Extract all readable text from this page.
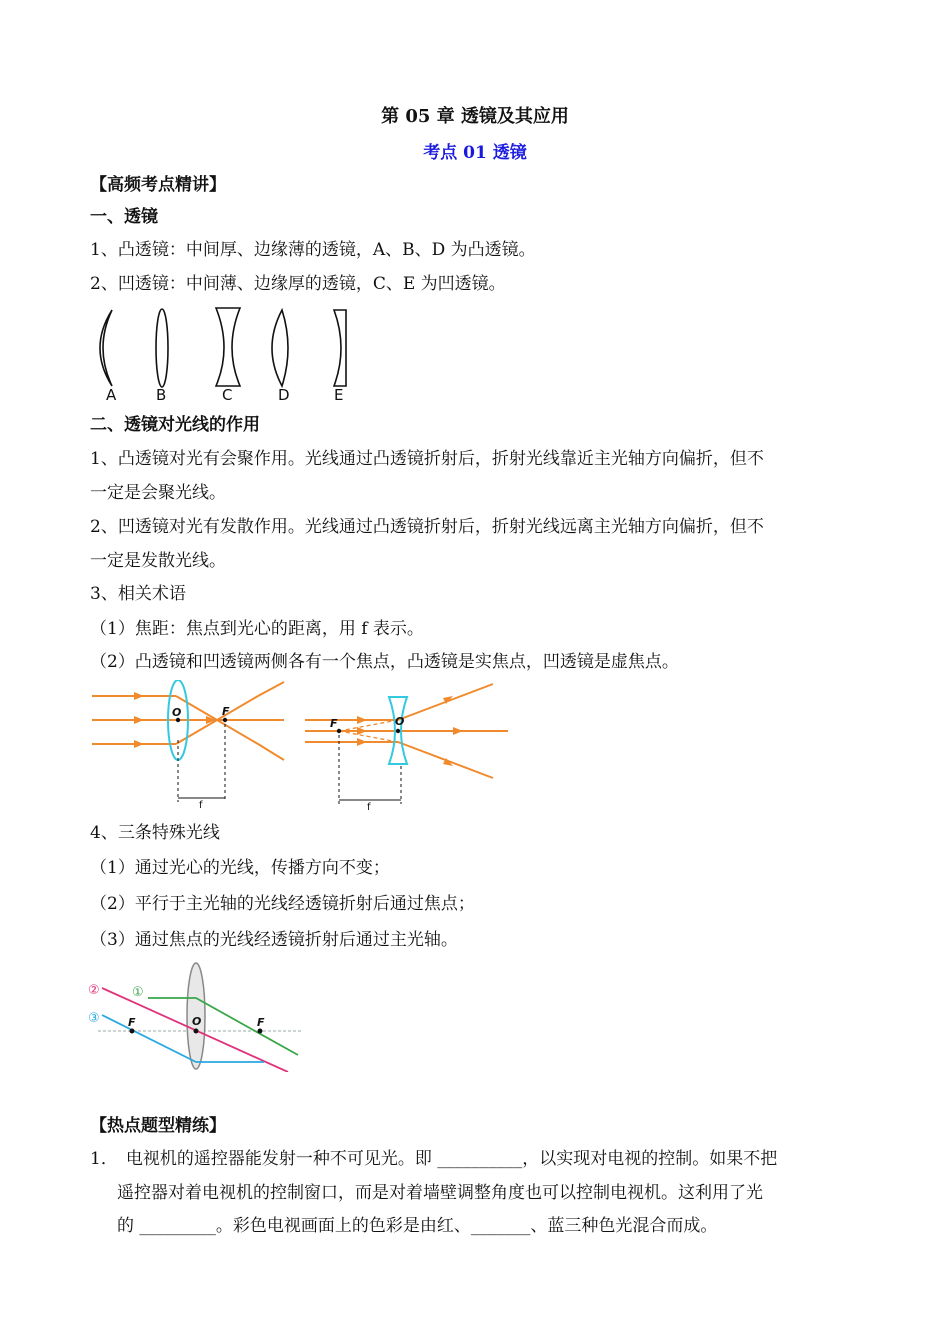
第 05 章 透镜及其应用
考点 01 透镜
【高频考点精讲】
一、透镜
1、凸透镜：中间厚、边缘薄的透镜，A、B、D 为凸透镜。
2、凹透镜：中间薄、边缘厚的透镜，C、E 为凹透镜。
A	B	C	D	E
二、透镜对光线的作用
1、凸透镜对光有会聚作用。光线通过凸透镜折射后，折射光线靠近主光轴方向偏折，但不
一定是会聚光线。
2、凹透镜对光有发散作用。光线通过凸透镜折射后，折射光线远离主光轴方向偏折，但不
一定是发散光线。
3、相关术语
（1）焦距：焦点到光心的距离，用 f 表示。
（2）凸透镜和凹透镜两侧各有一个焦点，凸透镜是实焦点，凹透镜是虚焦点。
O	F
f
F	O
f
4、三条特殊光线
（1）通过光心的光线，传播方向不变；
（2）平行于主光轴的光线经透镜折射后通过焦点；
（3）通过焦点的光线经透镜折射后通过主光轴。
F	O	F
①
②
③
【热点题型精练】
1． 电视机的遥控器能发射一种不可见光。即 __________，以实现对电视的控制。如果不把
遥控器对着电视机的控制窗口，而是对着墙壁调整角度也可以控制电视机。这利用了光
的 _________。彩色电视画面上的色彩是由红、_______、蓝三种色光混合而成。
